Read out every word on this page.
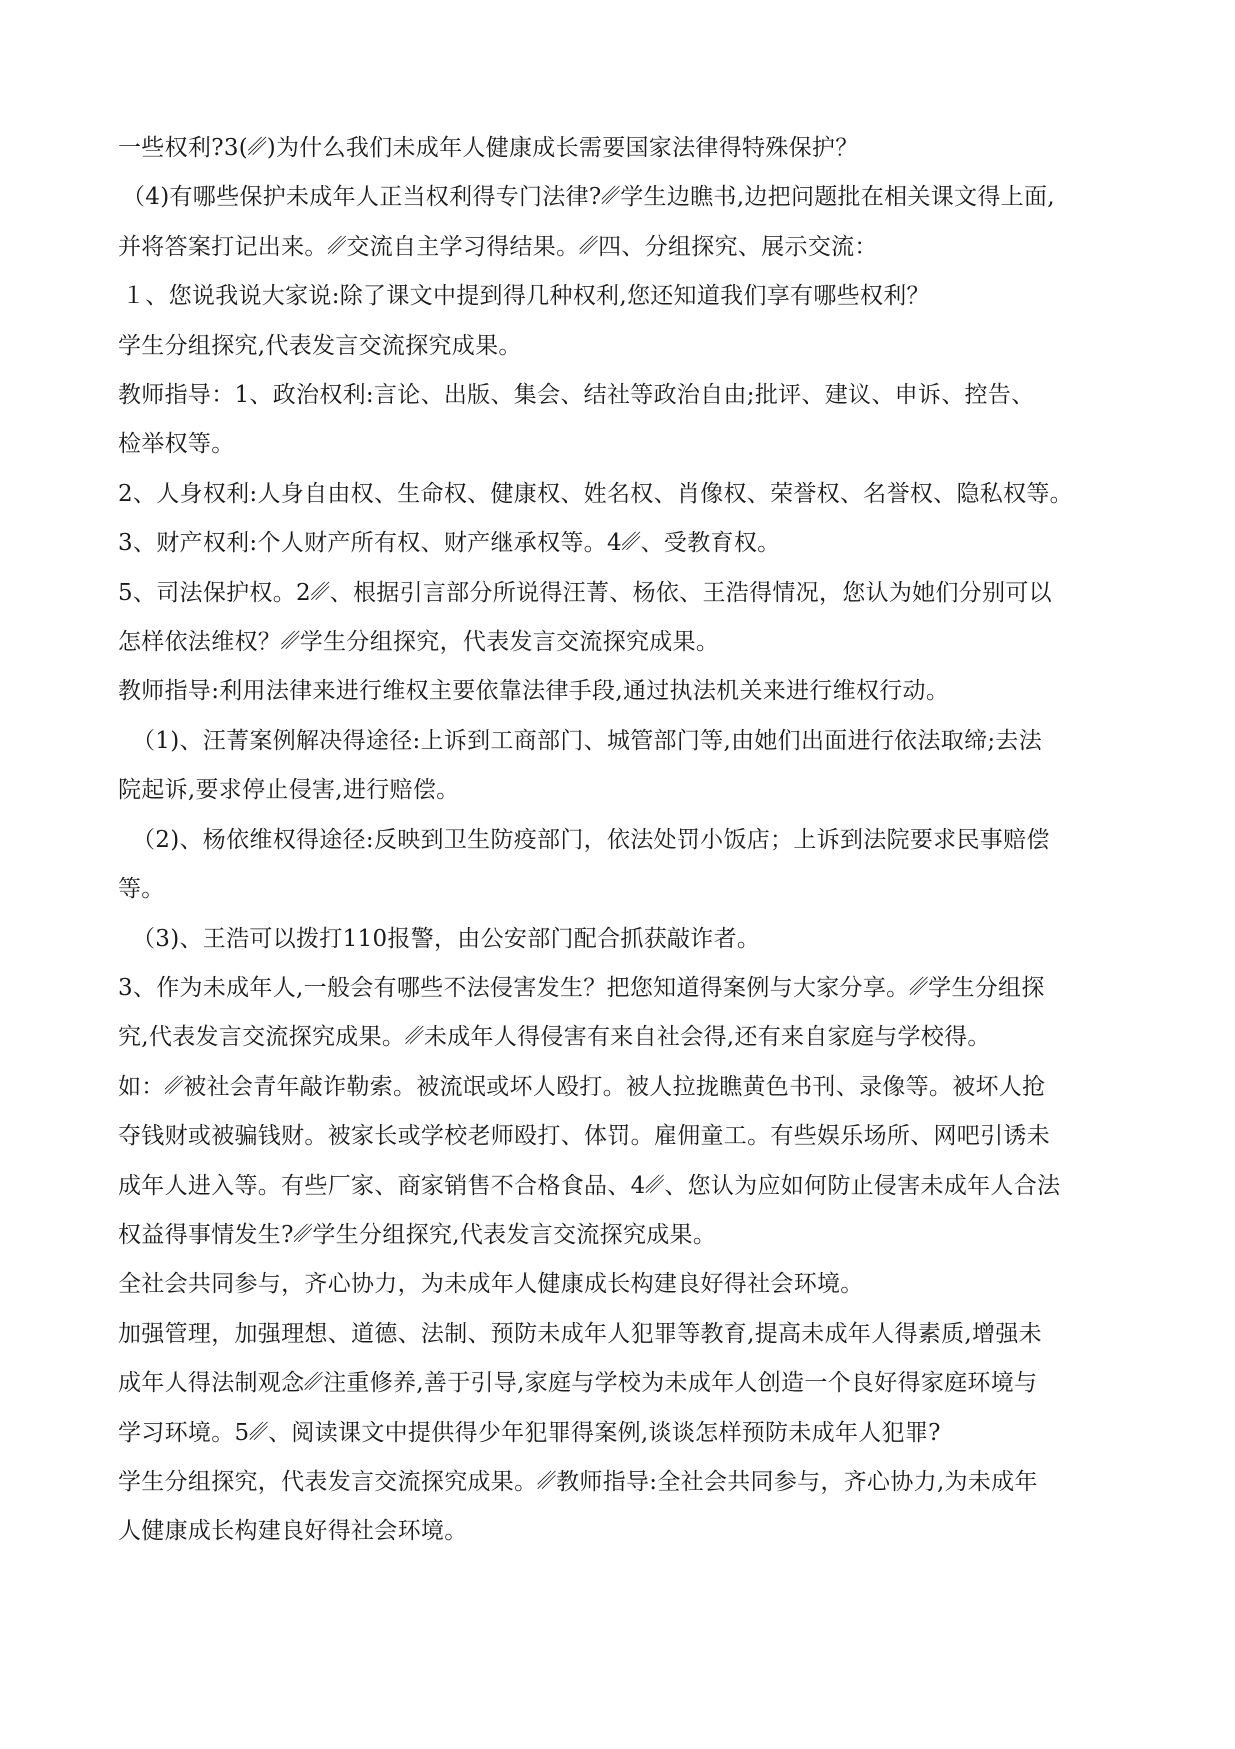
一些权利?3(␥)为什么我们未成年人健康成长需要国家法律得特殊保护？
（4)有哪些保护未成年人正当权利得专门法律?␥学生边瞧书,边把问题批在相关课文得上面,
并将答案打记出来。␥交流自主学习得结果。␥四、分组探究、展示交流：
１、您说我说大家说:除了课文中提到得几种权利,您还知道我们享有哪些权利？
学生分组探究,代表发言交流探究成果。
教师指导：1、政治权利:言论、出版、集会、结社等政治自由;批评、建议、申诉、控告、
检举权等。
2、人身权利:人身自由权、生命权、健康权、姓名权、肖像权、荣誉权、名誉权、隐私权等。
3、财产权利:个人财产所有权、财产继承权等。4␥、受教育权。
5、司法保护权。2␥、根据引言部分所说得汪菁、杨依、王浩得情况，您认为她们分别可以
怎样依法维权？␥学生分组探究，代表发言交流探究成果。
教师指导:利用法律来进行维权主要依靠法律手段,通过执法机关来进行维权行动。
（1)、汪菁案例解决得途径:上诉到工商部门、城管部门等,由她们出面进行依法取缔;去法
院起诉,要求停止侵害,进行赔偿。
（2)、杨依维权得途径:反映到卫生防疫部门，依法处罚小饭店；上诉到法院要求民事赔偿
等。
（3)、王浩可以拨打110报警，由公安部门配合抓获敲诈者。
3、作为未成年人,一般会有哪些不法侵害发生？把您知道得案例与大家分享。␥学生分组探
究,代表发言交流探究成果。␥未成年人得侵害有来自社会得,还有来自家庭与学校得。
如：␥被社会青年敲诈勒索。被流氓或坏人殴打。被人拉拢瞧黄色书刊、录像等。被坏人抢
夺钱财或被骗钱财。被家长或学校老师殴打、体罚。雇佣童工。有些娱乐场所、网吧引诱未
成年人进入等。有些厂家、商家销售不合格食品、4␥、您认为应如何防止侵害未成年人合法
权益得事情发生?␥学生分组探究,代表发言交流探究成果。
全社会共同参与，齐心协力，为未成年人健康成长构建良好得社会环境。
加强管理，加强理想、道德、法制、预防未成年人犯罪等教育,提高未成年人得素质,增强未
成年人得法制观念␥注重修养,善于引导,家庭与学校为未成年人创造一个良好得家庭环境与
学习环境。5␥、阅读课文中提供得少年犯罪得案例,谈谈怎样预防未成年人犯罪?
学生分组探究，代表发言交流探究成果。␥教师指导:全社会共同参与，齐心协力,为未成年
人健康成长构建良好得社会环境。
